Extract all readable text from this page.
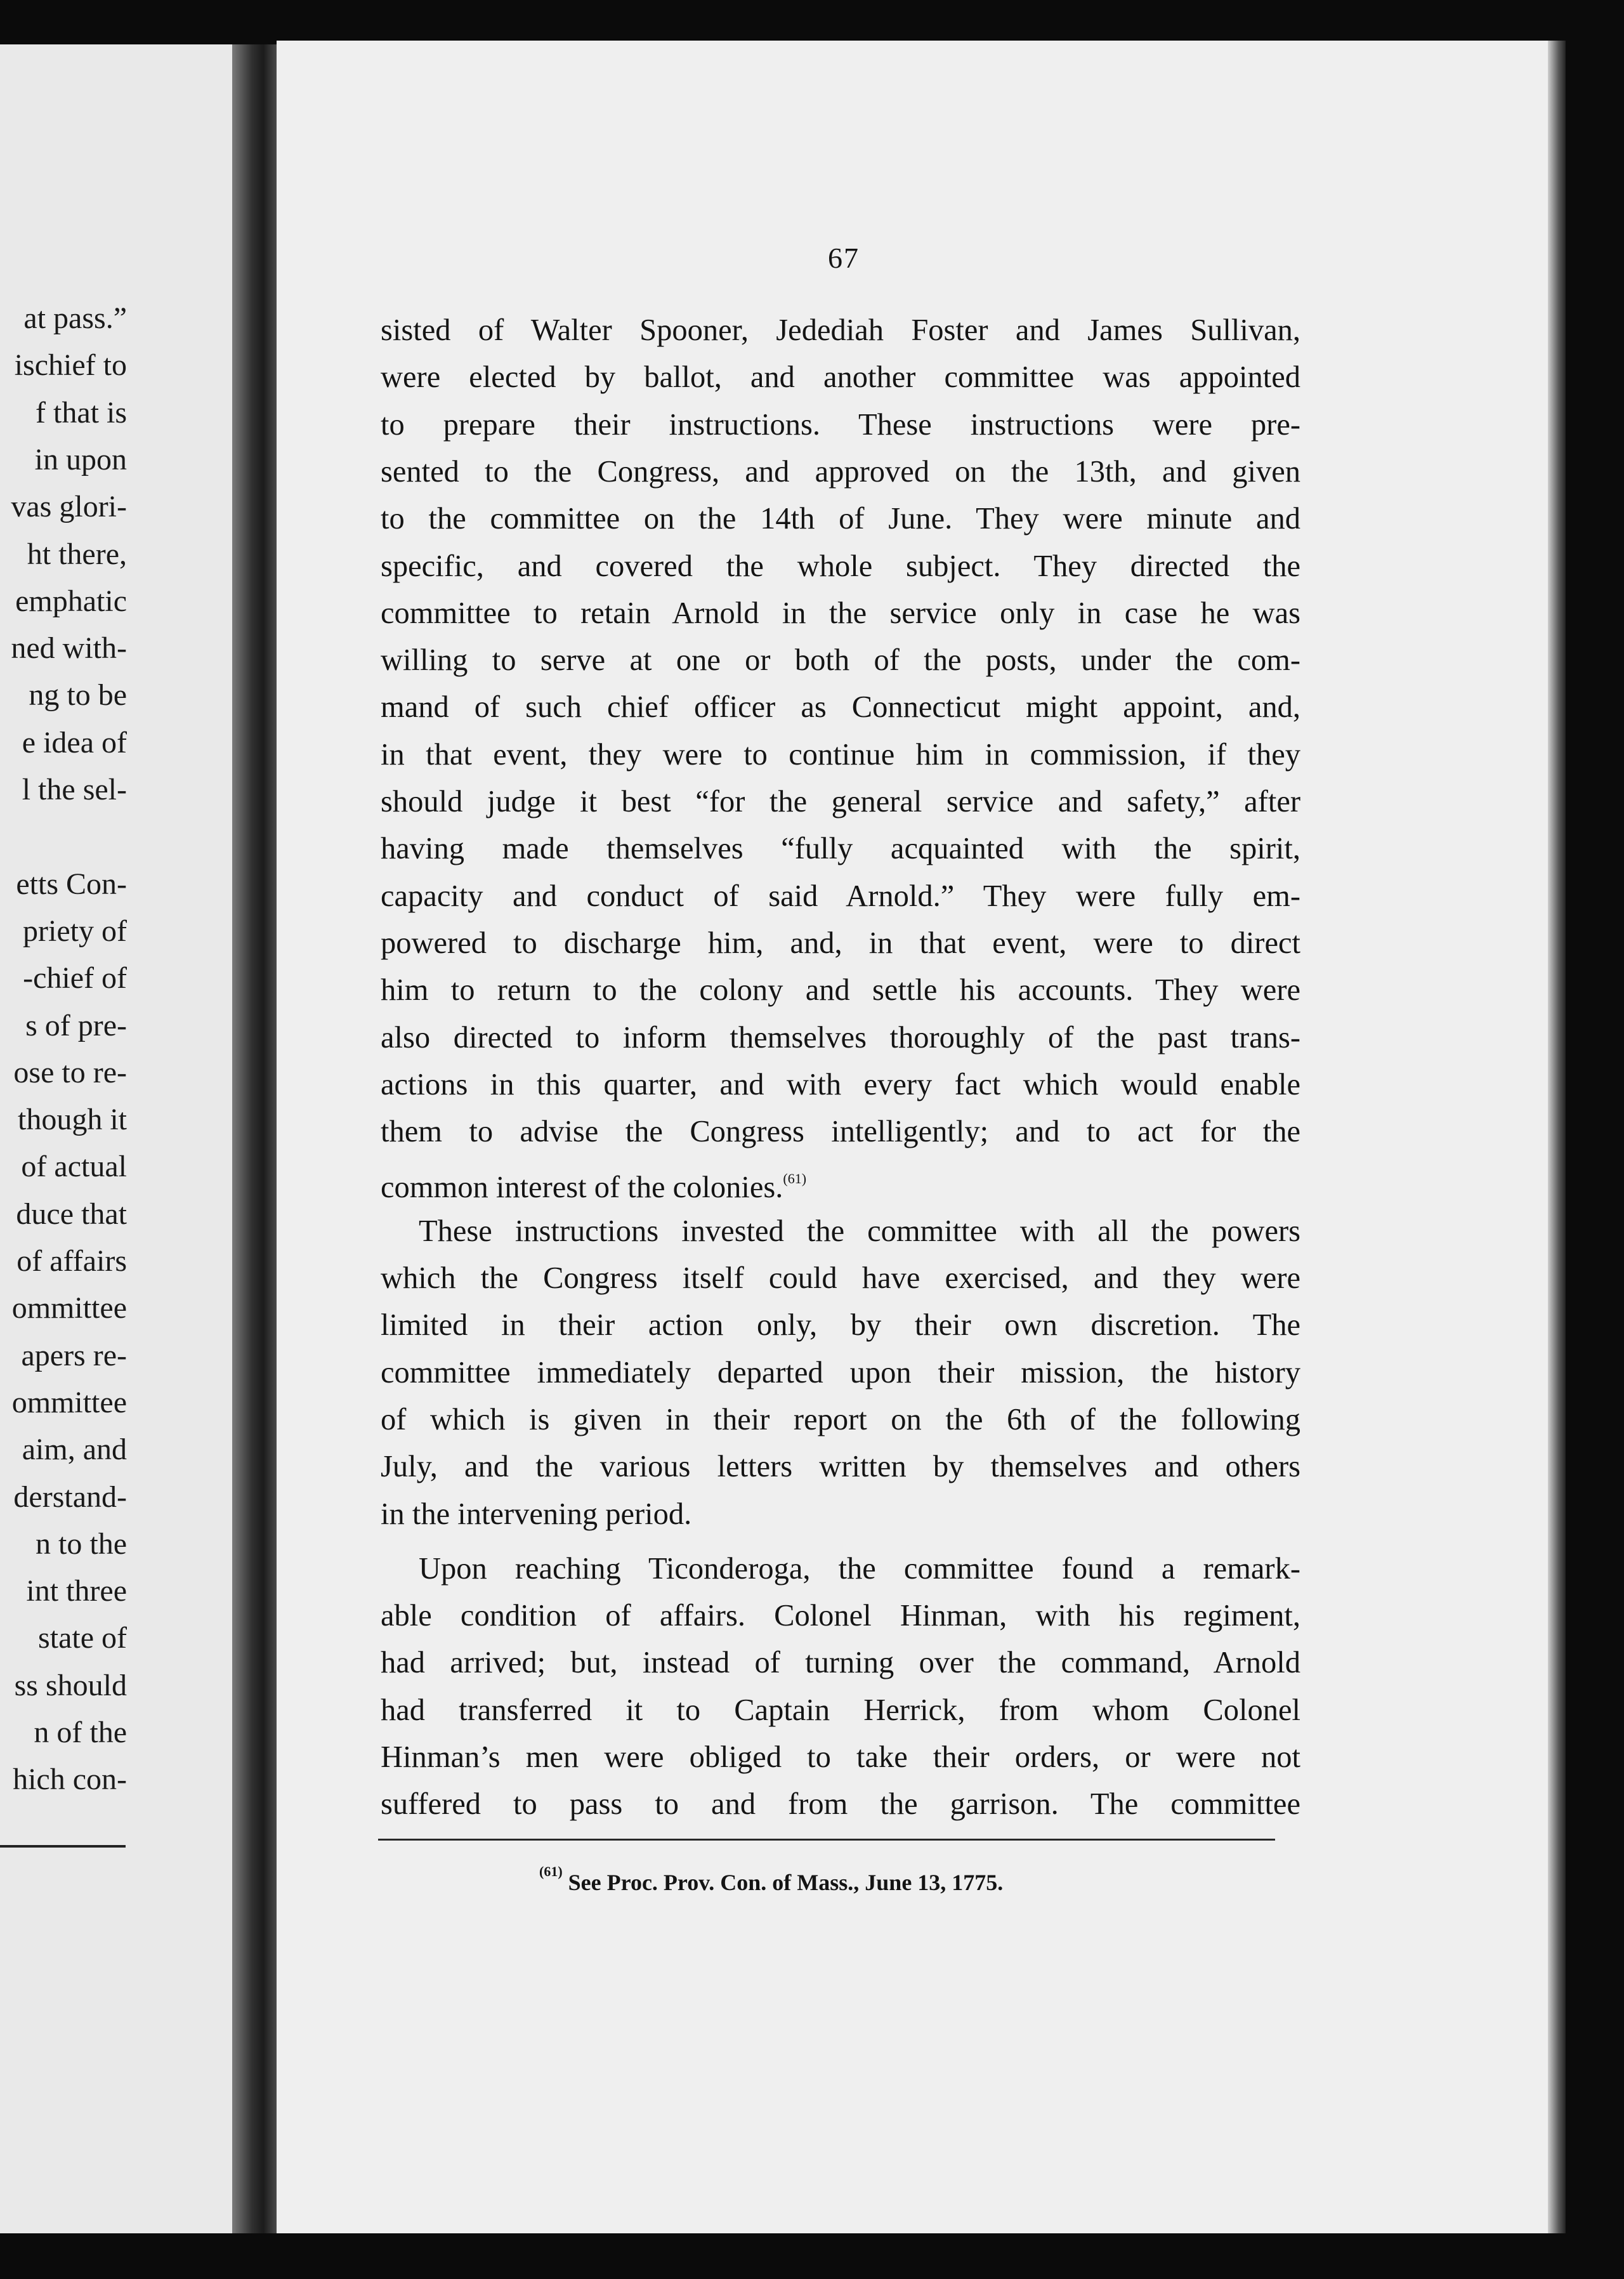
at pass.”
ischief to
f that is
in upon
vas glori-
ht there,
emphatic
ned with-
ng to be
e idea of
l the sel-
etts Con-
priety of
-chief of
s of pre-
ose to re-
though it
of actual
duce that
of affairs
ommittee
apers re-
ommittee
aim, and
derstand-
n to the
int three
state of
ss should
n of the
hich con-
67
sisted of Walter Spooner, Jedediah Foster and James Sullivan,
were elected by ballot, and another committee was appointed
to prepare their instructions. These instructions were pre-
sented to the Congress, and approved on the 13th, and given
to the committee on the 14th of June. They were minute and
specific, and covered the whole subject. They directed the
committee to retain Arnold in the service only in case he was
willing to serve at one or both of the posts, under the com-
mand of such chief officer as Connecticut might appoint, and,
in that event, they were to continue him in commission, if they
should judge it best “for the general service and safety,” after
having made themselves “fully acquainted with the spirit,
capacity and conduct of said Arnold.” They were fully em-
powered to discharge him, and, in that event, were to direct
him to return to the colony and settle his accounts. They were
also directed to inform themselves thoroughly of the past trans-
actions in this quarter, and with every fact which would enable
them to advise the Congress intelligently; and to act for the
common interest of the colonies.$^{(61)}$
These instructions invested the committee with all the powers
which the Congress itself could have exercised, and they were
limited in their action only, by their own discretion. The
committee immediately departed upon their mission, the history
of which is given in their report on the 6th of the following
July, and the various letters written by themselves and others
in the intervening period.
Upon reaching Ticonderoga, the committee found a remark-
able condition of affairs. Colonel Hinman, with his regiment,
had arrived; but, instead of turning over the command, Arnold
had transferred it to Captain Herrick, from whom Colonel
Hinman’s men were obliged to take their orders, or were not
suffered to pass to and from the garrison. The committee
$^{(61)}$ See Proc. Prov. Con. of Mass., June 13, 1775.
